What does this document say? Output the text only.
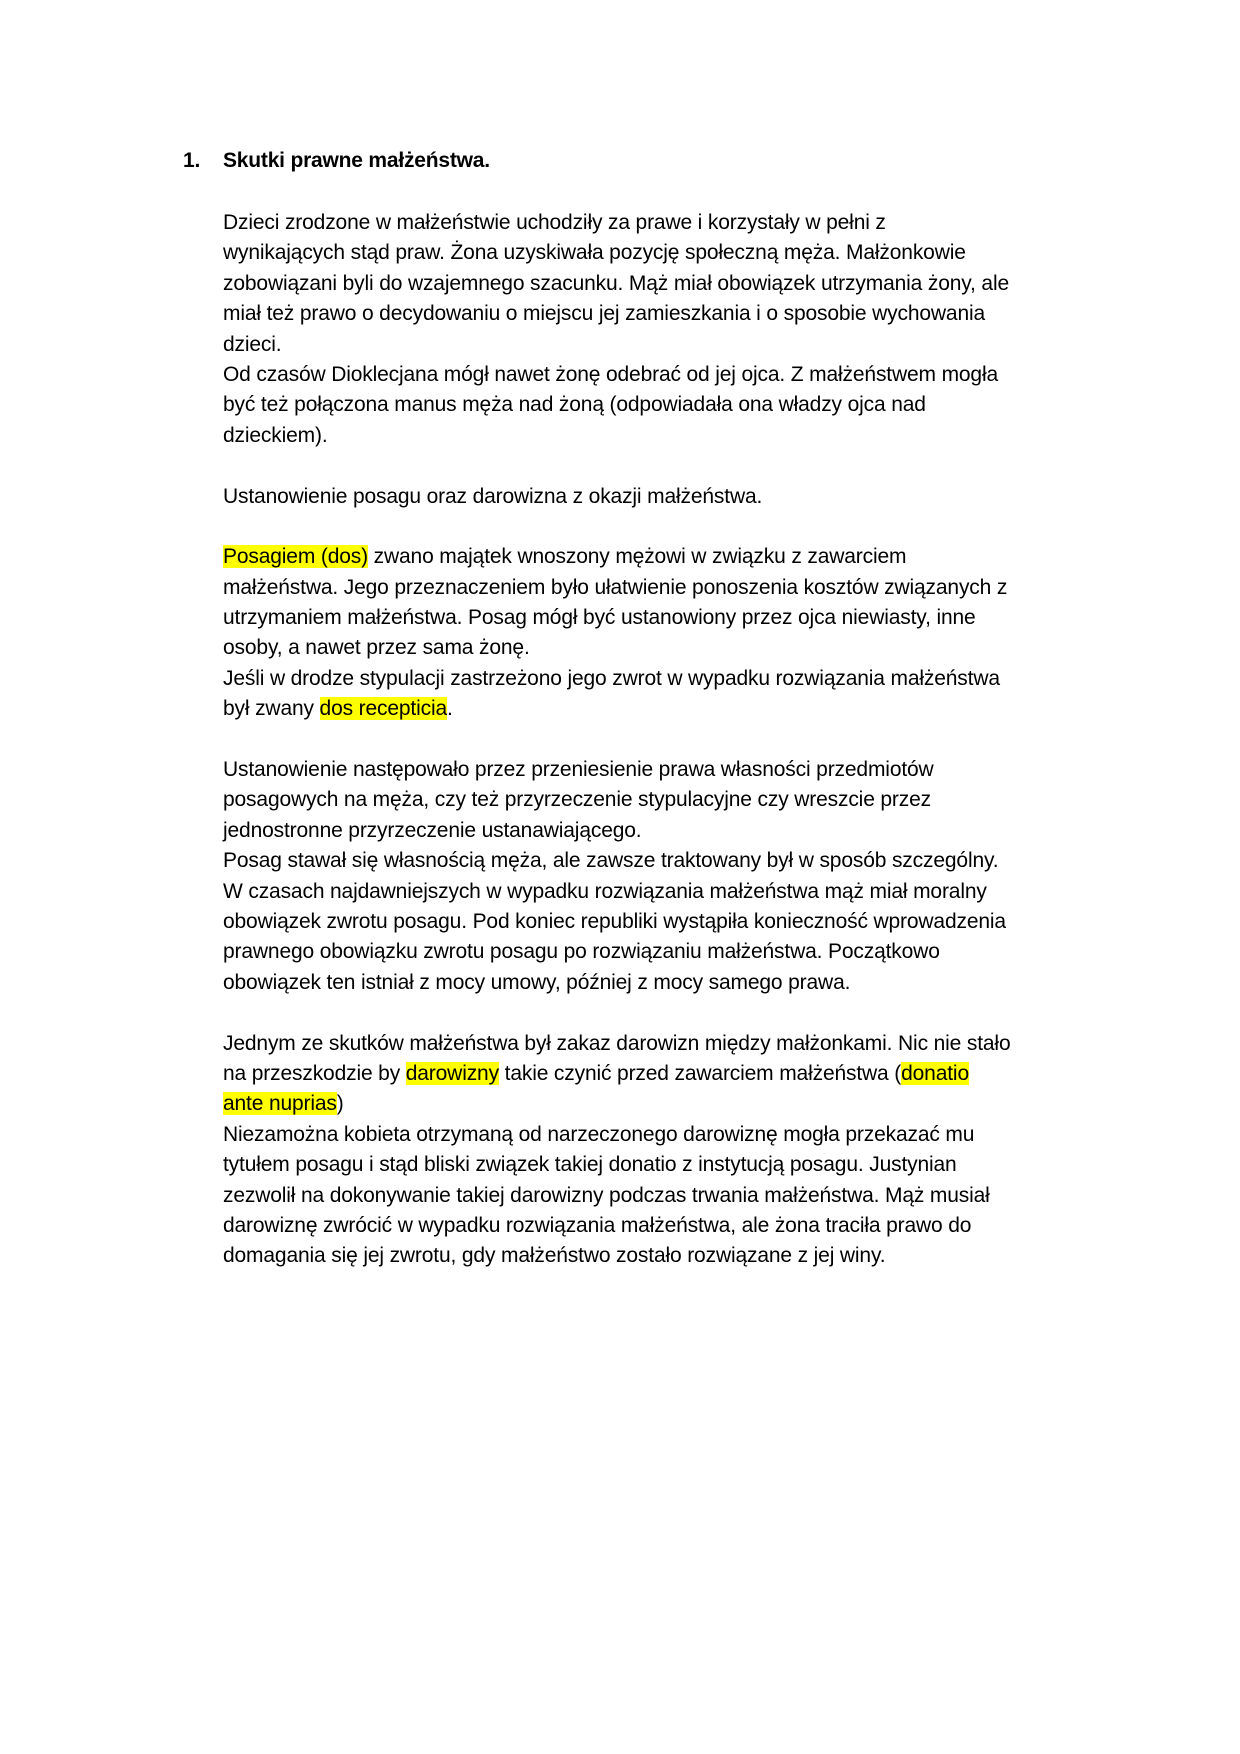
1. Skutki prawne małżeństwa.
Dzieci zrodzone w małżeństwie uchodziły za prawe i korzystały w pełni z
wynikających stąd praw. Żona uzyskiwała pozycję społeczną męża. Małżonkowie
zobowiązani byli do wzajemnego szacunku. Mąż miał obowiązek utrzymania żony, ale
miał też prawo o decydowaniu o miejscu jej zamieszkania i o sposobie wychowania
dzieci.
Od czasów Dioklecjana mógł nawet żonę odebrać od jej ojca. Z małżeństwem mogła
być też połączona manus męża nad żoną (odpowiadała ona władzy ojca nad
dzieckiem).
Ustanowienie posagu oraz darowizna z okazji małżeństwa.
Posagiem (dos) zwano majątek wnoszony mężowi w związku z zawarciem
małżeństwa. Jego przeznaczeniem było ułatwienie ponoszenia kosztów związanych z
utrzymaniem małżeństwa. Posag mógł być ustanowiony przez ojca niewiasty, inne
osoby, a nawet przez sama żonę.
Jeśli w drodze stypulacji zastrzeżono jego zwrot w wypadku rozwiązania małżeństwa
był zwany dos recepticia.
Ustanowienie następowało przez przeniesienie prawa własności przedmiotów
posagowych na męża, czy też przyrzeczenie stypulacyjne czy wreszcie przez
jednostronne przyrzeczenie ustanawiającego.
Posag stawał się własnością męża, ale zawsze traktowany był w sposób szczególny.
W czasach najdawniejszych w wypadku rozwiązania małżeństwa mąż miał moralny
obowiązek zwrotu posagu. Pod koniec republiki wystąpiła konieczność wprowadzenia
prawnego obowiązku zwrotu posagu po rozwiązaniu małżeństwa. Początkowo
obowiązek ten istniał z mocy umowy, później z mocy samego prawa.
Jednym ze skutków małżeństwa był zakaz darowizn między małżonkami. Nic nie stało
na przeszkodzie by darowizny takie czynić przed zawarciem małżeństwa (donatio
ante nuprias)
Niezamożna kobieta otrzymaną od narzeczonego darowiznę mogła przekazać mu
tytułem posagu i stąd bliski związek takiej donatio z instytucją posagu. Justynian
zezwolił na dokonywanie takiej darowizny podczas trwania małżeństwa. Mąż musiał
darowiznę zwrócić w wypadku rozwiązania małżeństwa, ale żona traciła prawo do
domagania się jej zwrotu, gdy małżeństwo zostało rozwiązane z jej winy.
